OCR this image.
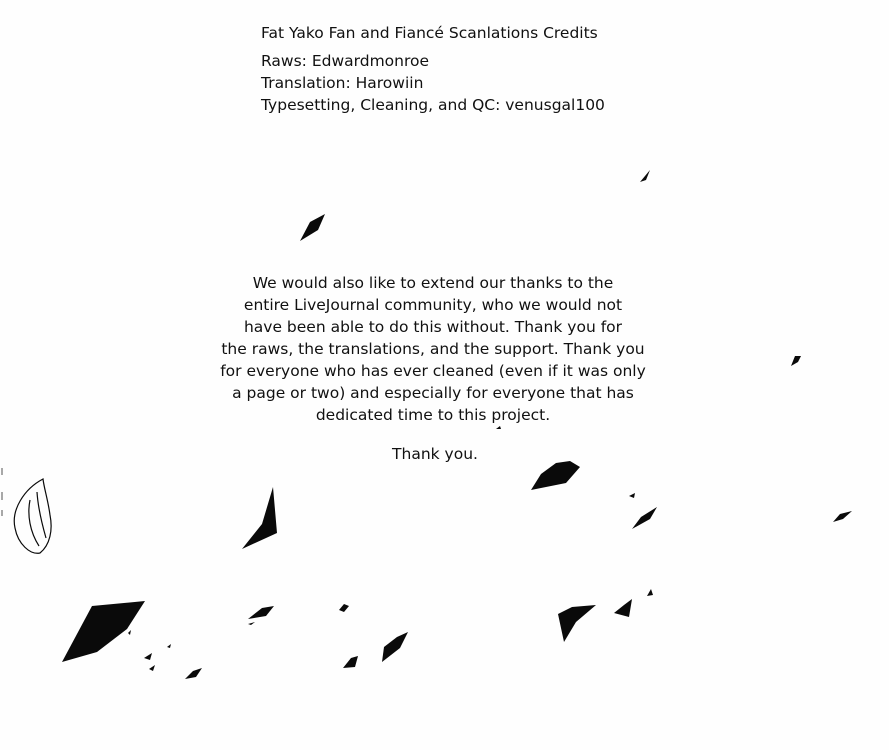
Fat Yako Fan and Fiancé Scanlations Credits
Raws: Edwardmonroe
Translation: Harowiin
Typesetting, Cleaning, and QC: venusgal100
We would also like to extend our thanks to the
entire LiveJournal community, who we would not
have been able to do this without. Thank you for
the raws, the translations, and the support. Thank you
for everyone who has ever cleaned (even if it was only
a page or two) and especially for everyone that has
dedicated time to this project.
Thank you.
